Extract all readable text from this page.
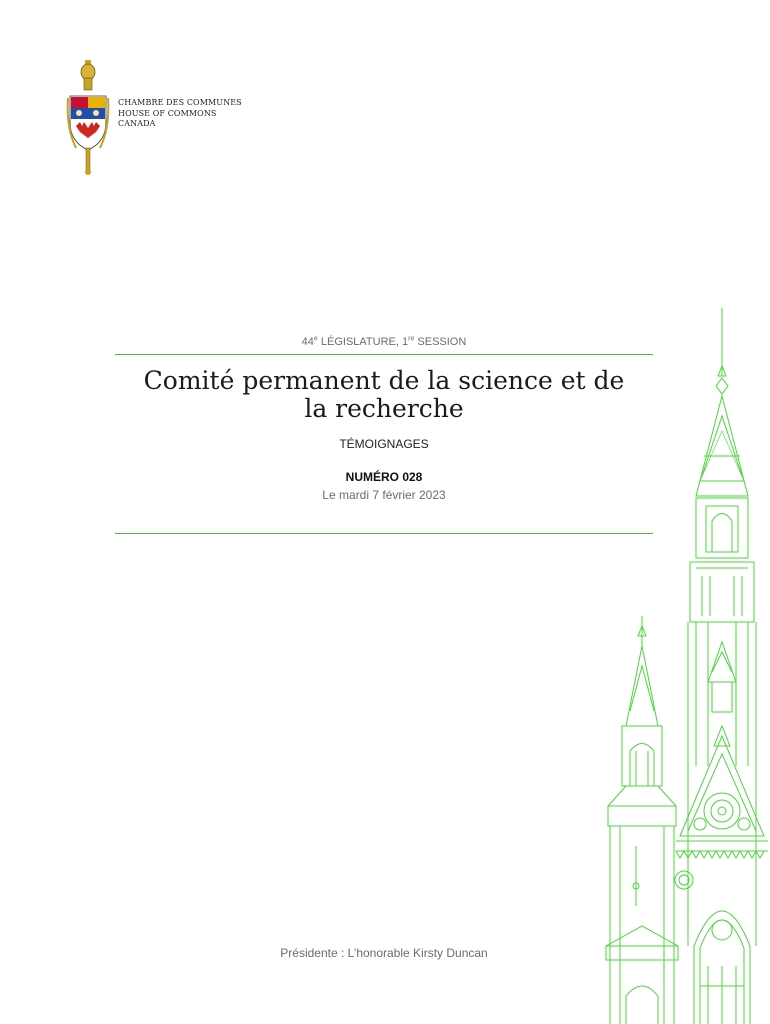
CHAMBRE DES COMMUNES
HOUSE OF COMMONS
CANADA
44e LÉGISLATURE, 1re SESSION
Comité permanent de la science et de la recherche
TÉMOIGNAGES
NUMÉRO 028
Le mardi 7 février 2023
Présidente : L’honorable Kirsty Duncan
